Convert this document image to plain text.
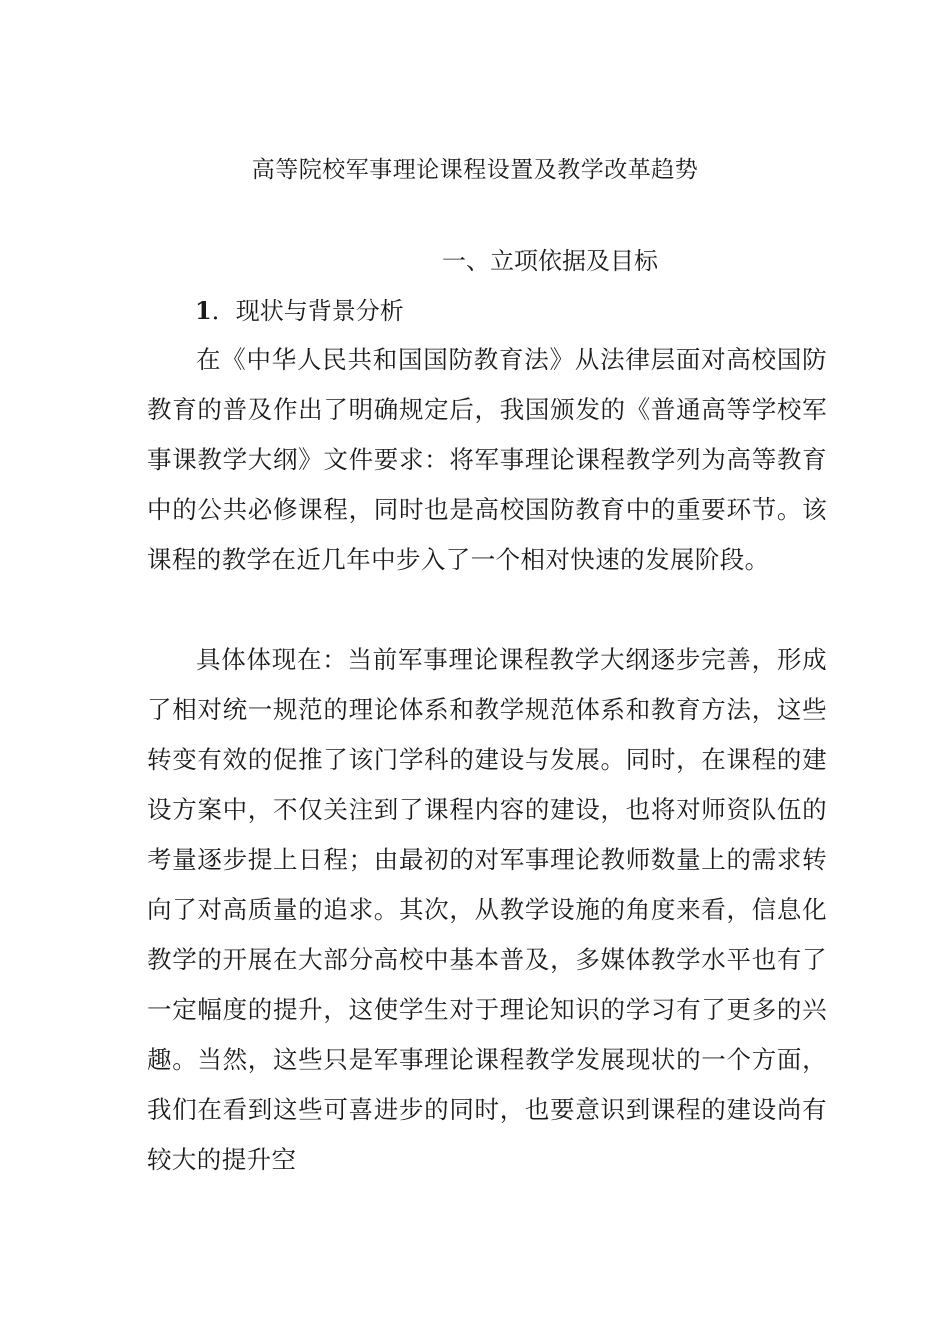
高等院校军事理论课程设置及教学改革趋势
一、立项依据及目标
1．现状与背景分析

在《中华人民共和国国防教育法》从法律层面对高校国防教育的普及作出了明确规定后，我国颁发的《普通高等学校军事课教学大纲》文件要求：将军事理论课程教学列为高等教育中的公共必修课程，同时也是高校国防教育中的重要环节。该课程的教学在近几年中步入了一个相对快速的发展阶段。

具体体现在：当前军事理论课程教学大纲逐步完善，形成了相对统一规范的理论体系和教学规范体系和教育方法，这些转变有效的促推了该门学科的建设与发展。同时，在课程的建设方案中，不仅关注到了课程内容的建设，也将对师资队伍的考量逐步提上日程；由最初的对军事理论教师数量上的需求转向了对高质量的追求。其次，从教学设施的角度来看，信息化教学的开展在大部分高校中基本普及，多媒体教学水平也有了一定幅度的提升，这使学生对于理论知识的学习有了更多的兴趣。当然，这些只是军事理论课程教学发展现状的一个方面，我们在看到这些可喜进步的同时，也要意识到课程的建设尚有较大的提升空
